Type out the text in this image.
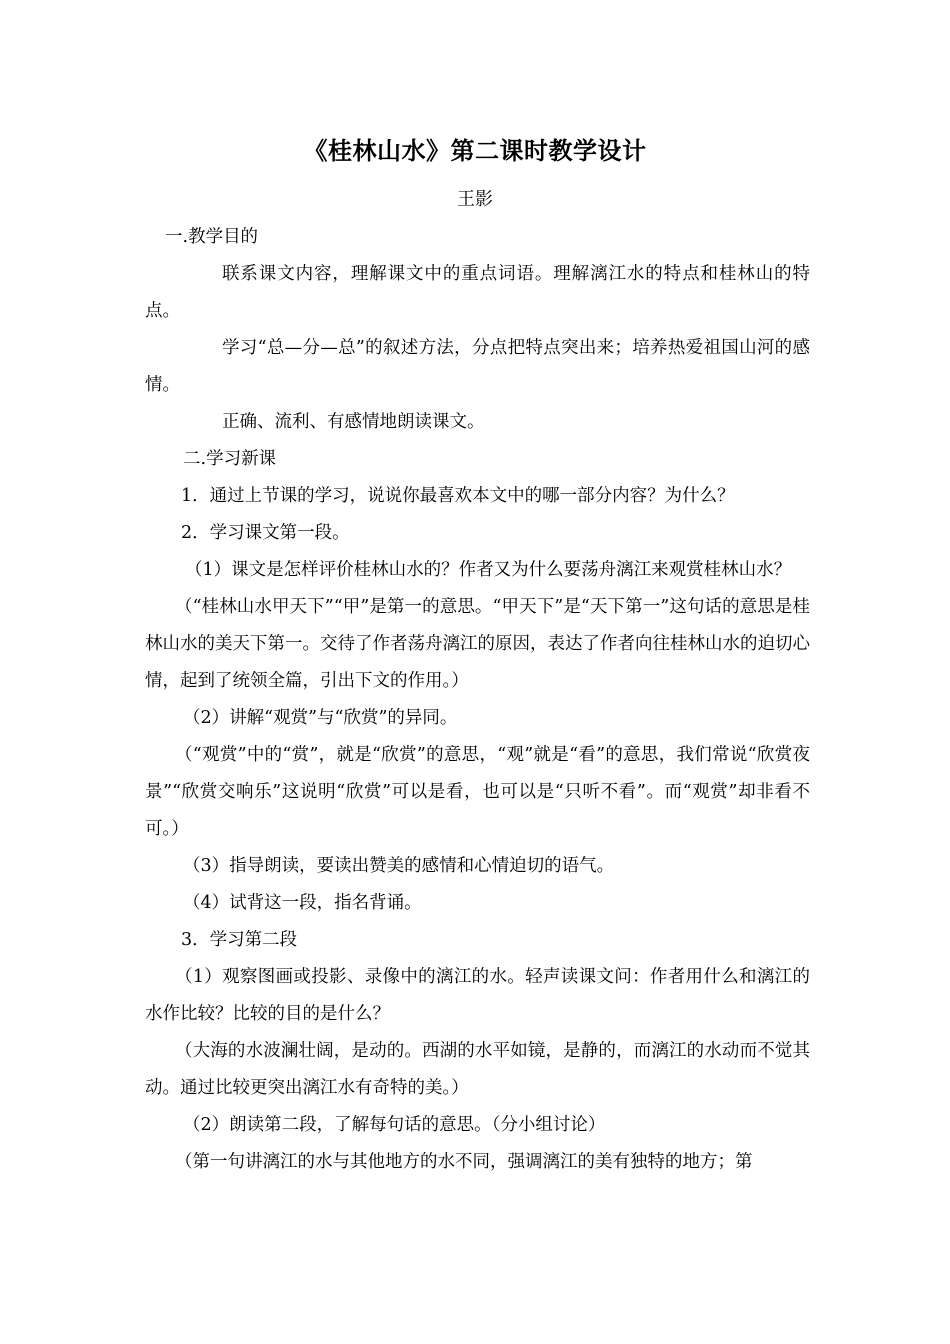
《桂林山水》第二课时教学设计
王影

一.教学目的

联系课文内容，理解课文中的重点词语。理解漓江水的特点和桂林山的特点。

学习“总—分—总”的叙述方法，分点把特点突出来；培养热爱祖国山河的感情。

正确、流利、有感情地朗读课文。

二.学习新课

1．通过上节课的学习，说说你最喜欢本文中的哪一部分内容？为什么？

2．学习课文第一段。

（1）课文是怎样评价桂林山水的？作者又为什么要荡舟漓江来观赏桂林山水？

（“桂林山水甲天下”“甲”是第一的意思。“甲天下”是“天下第一”这句话的意思是桂林山水的美天下第一。交待了作者荡舟漓江的原因，表达了作者向往桂林山水的迫切心情，起到了统领全篇，引出下文的作用。）

（2）讲解“观赏”与“欣赏”的异同。

（“观赏”中的“赏”，就是“欣赏”的意思，“观”就是“看”的意思，我们常说“欣赏夜景”“欣赏交响乐”这说明“欣赏”可以是看，也可以是“只听不看”。而“观赏”却非看不可。）

（3）指导朗读，要读出赞美的感情和心情迫切的语气。

（4）试背这一段，指名背诵。

3．学习第二段

（1）观察图画或投影、录像中的漓江的水。轻声读课文问：作者用什么和漓江的水作比较？比较的目的是什么？

（大海的水波澜壮阔，是动的。西湖的水平如镜，是静的，而漓江的水动而不觉其动。通过比较更突出漓江水有奇特的美。）

（2）朗读第二段，了解每句话的意思。（分小组讨论）

（第一句讲漓江的水与其他地方的水不同，强调漓江的美有独特的地方；第
